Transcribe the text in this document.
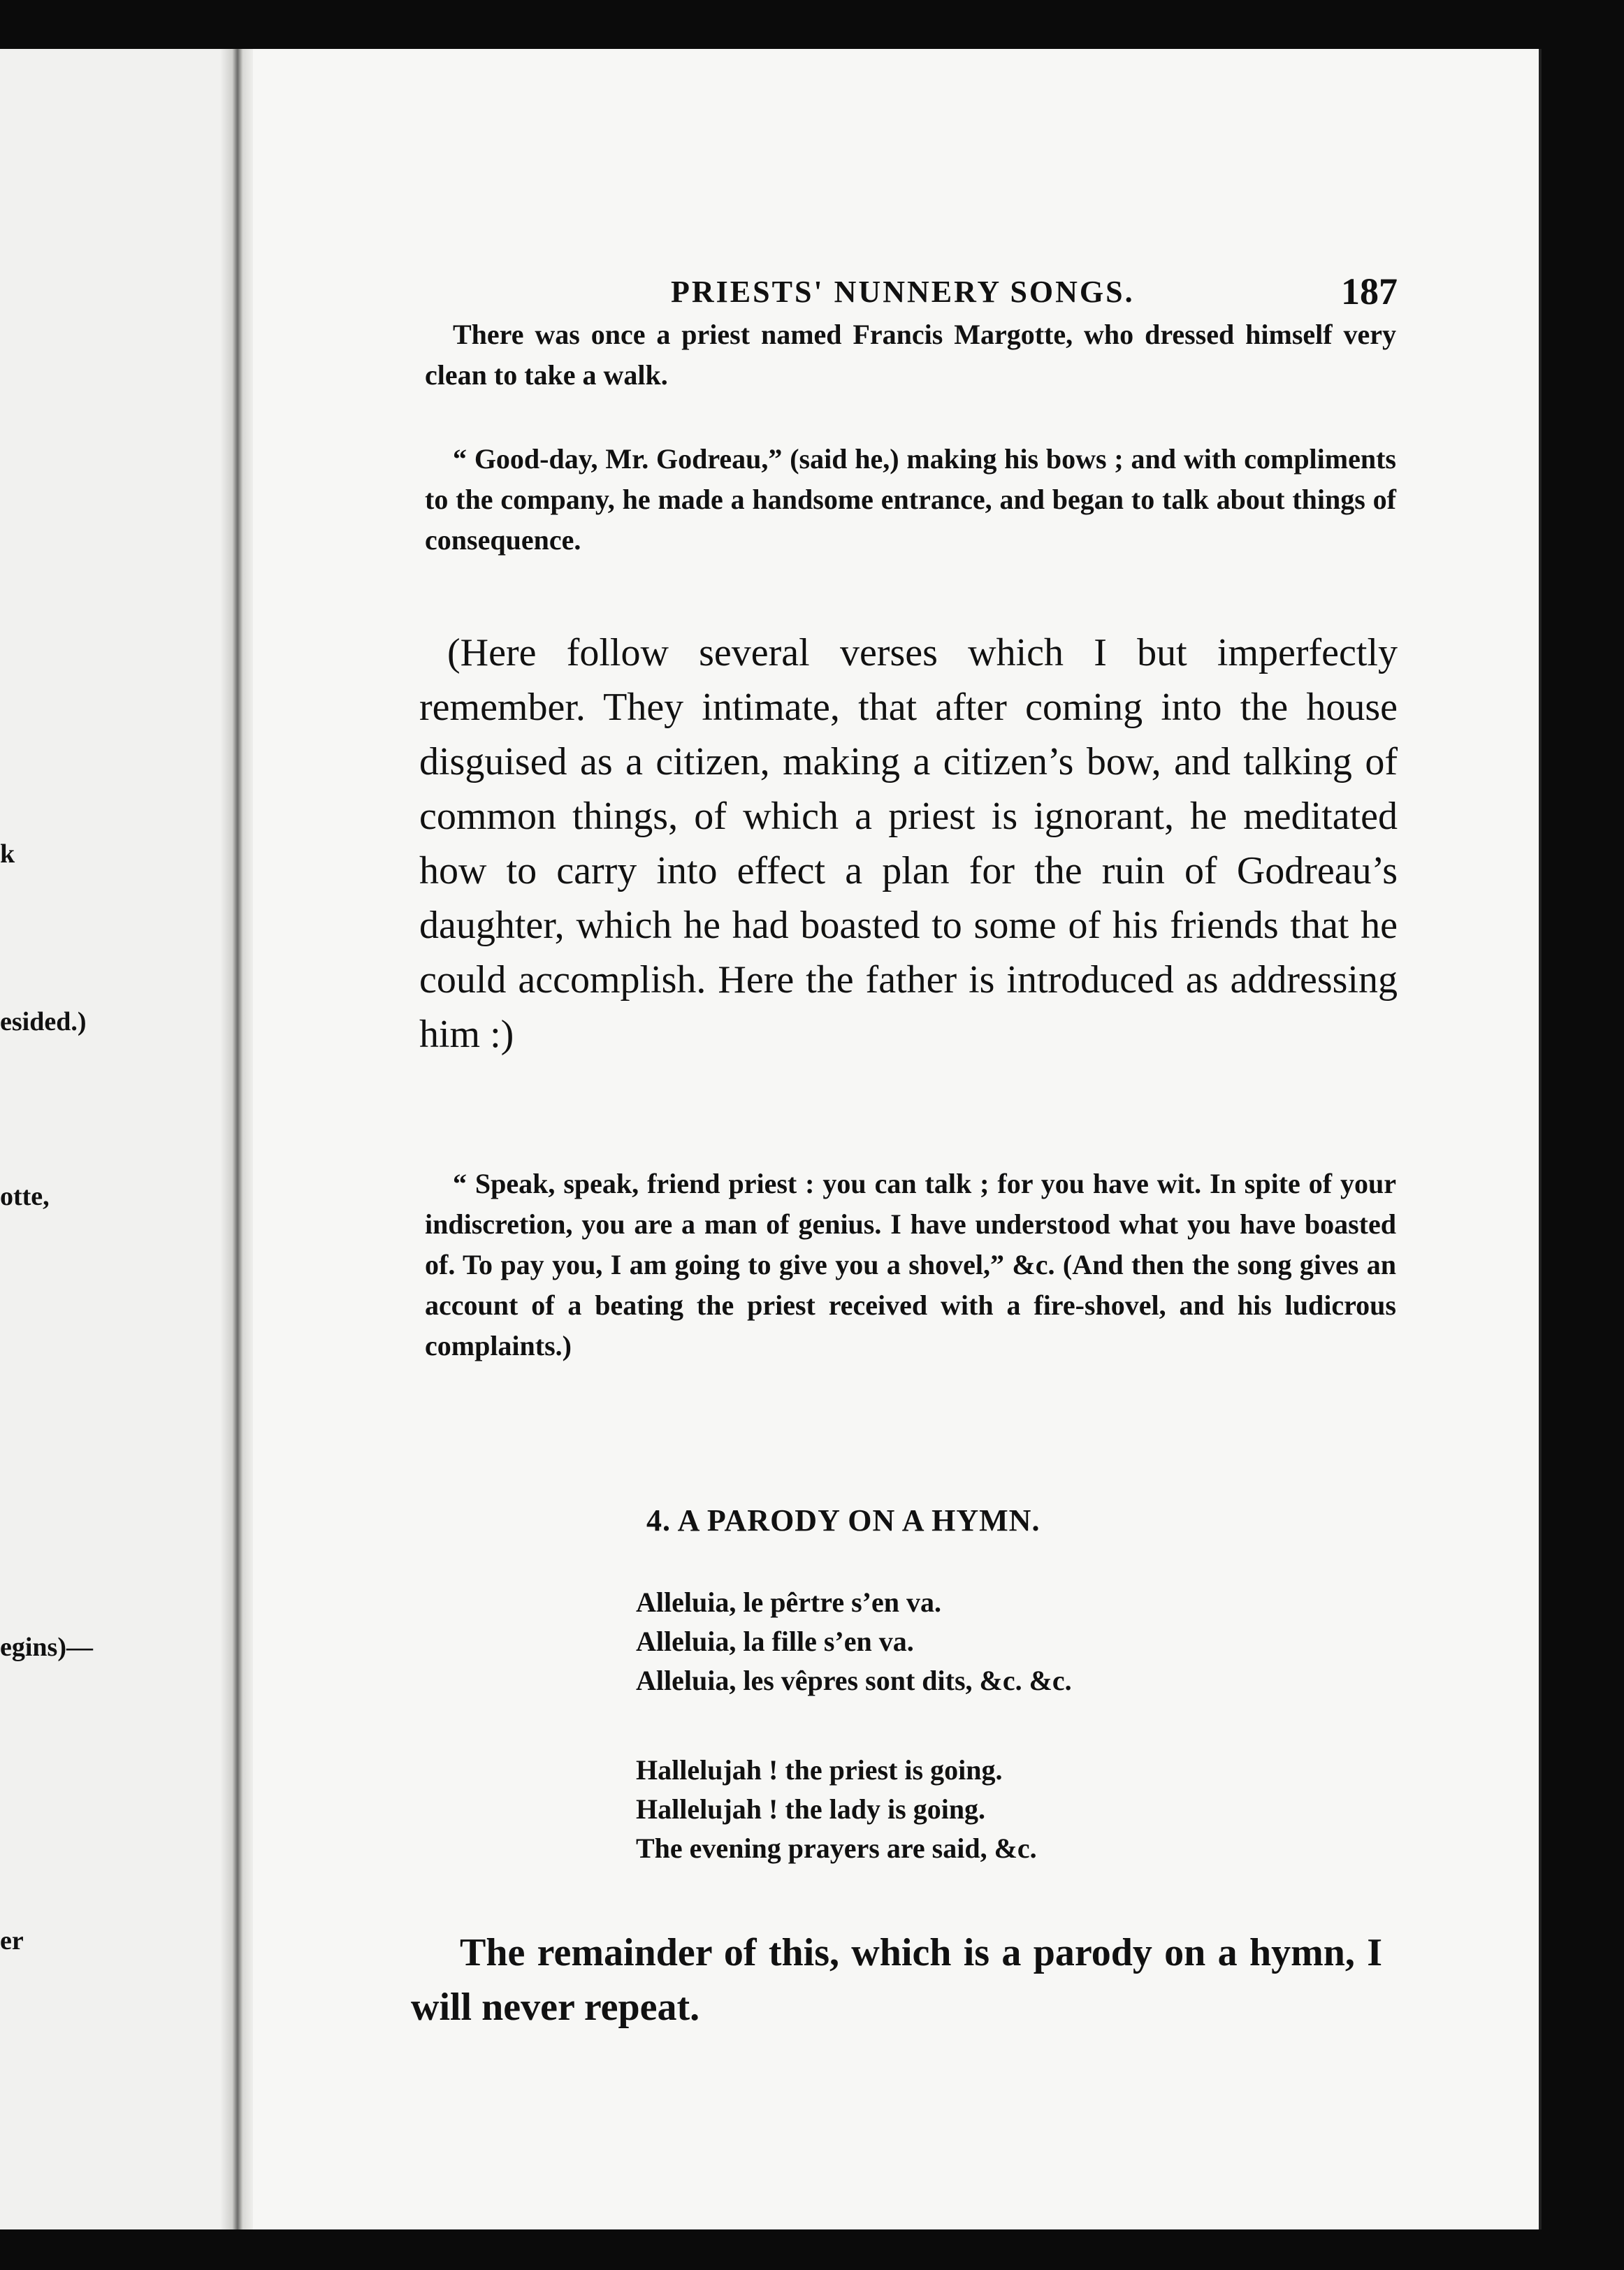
k
esided.)
otte,
egins)—
er
PRIESTS' NUNNERY SONGS.	187

There was once a priest named Francis Margotte, who dressed himself very clean to take a walk.

“ Good-day, Mr. Godreau,” (said he,) making his bows ; and with compliments to the company, he made a handsome entrance, and began to talk about things of consequence.

(Here follow several verses which I but imperfectly remember. They intimate, that after coming into the house disguised as a citizen, making a citizen’s bow, and talking of common things, of which a priest is ignorant, he meditated how to carry into effect a plan for the ruin of Godreau’s daughter, which he had boasted to some of his friends that he could accomplish. Here the father is introduced as addressing him :)

“ Speak, speak, friend priest : you can talk ; for you have wit. In spite of your indiscretion, you are a man of genius. I have understood what you have boasted of. To pay you, I am going to give you a shovel,” &c. (And then the song gives an account of a beating the priest received with a fire-shovel, and his ludicrous complaints.)

4. A PARODY ON A HYMN.
Alleluia, le pêrtre s’en va.
Alleluia, la fille s’en va.
Alleluia, les vêpres sont dits, &c. &c.
Hallelujah ! the priest is going.
Hallelujah ! the lady is going.
The evening prayers are said, &c.

The remainder of this, which is a parody on a hymn, I will never repeat.
